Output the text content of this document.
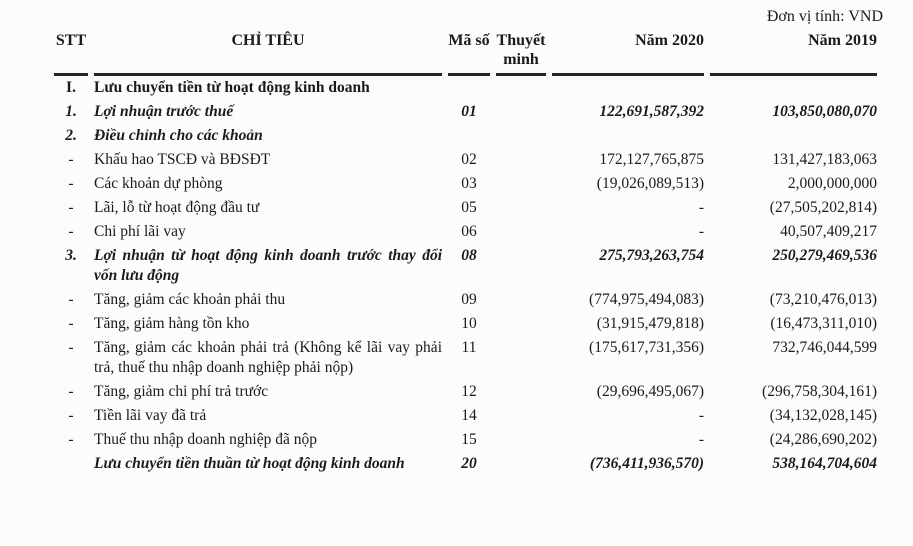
Đơn vị tính: VND
STT	CHỈ TIÊU	Mã số	Thuyết minh	Năm 2020	Năm 2019
I.	Lưu chuyển tiền từ hoạt động kinh doanh				
1.	Lợi nhuận trước thuế	01		122,691,587,392	103,850,080,070
2.	Điều chỉnh cho các khoản				
-	Khấu hao TSCĐ và BĐSĐT	02		172,127,765,875	131,427,183,063
-	Các khoản dự phòng	03		(19,026,089,513)	2,000,000,000
-	Lãi, lỗ từ hoạt động đầu tư	05		-	(27,505,202,814)
-	Chi phí lãi vay	06		-	40,507,409,217
3.	Lợi nhuận từ hoạt động kinh doanh trước thay đổi vốn lưu động	08		275,793,263,754	250,279,469,536
-	Tăng, giảm các khoản phải thu	09		(774,975,494,083)	(73,210,476,013)
-	Tăng, giảm hàng tồn kho	10		(31,915,479,818)	(16,473,311,010)
-	Tăng, giảm các khoản phải trả (Không kể lãi vay phải trả, thuế thu nhập doanh nghiệp phải nộp)	11		(175,617,731,356)	732,746,044,599
-	Tăng, giảm chi phí trả trước	12		(29,696,495,067)	(296,758,304,161)
-	Tiền lãi vay đã trả	14		-	(34,132,028,145)
-	Thuế thu nhập doanh nghiệp đã nộp	15		-	(24,286,690,202)
	Lưu chuyển tiền thuần từ hoạt động kinh doanh	20		(736,411,936,570)	538,164,704,604
